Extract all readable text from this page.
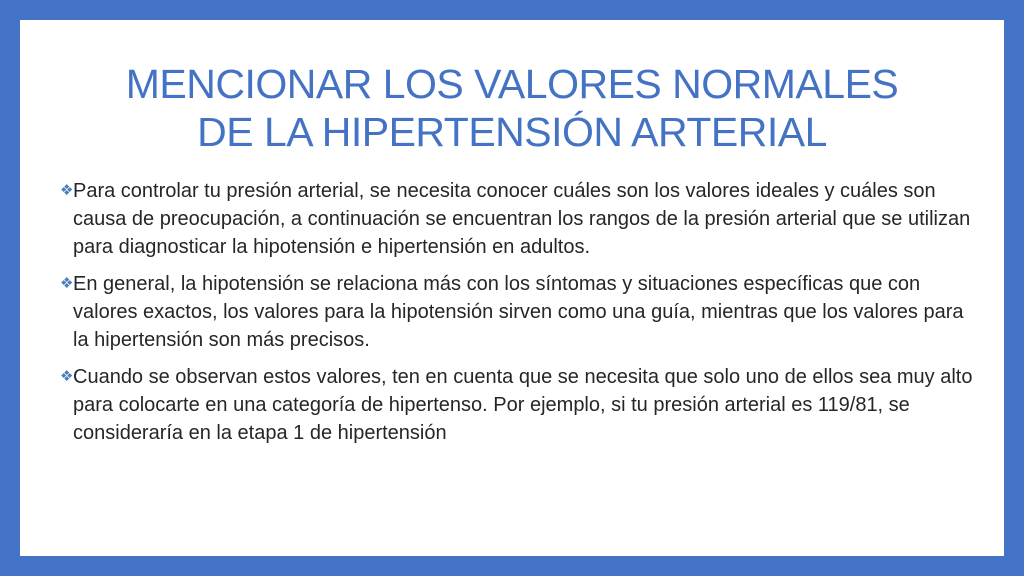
MENCIONAR LOS VALORES NORMALES
DE LA HIPERTENSIÓN ARTERIAL
❖ Para controlar tu presión arterial, se necesita conocer cuáles son los valores ideales y cuáles son causa de preocupación, a continuación se encuentran los rangos de la presión arterial que se utilizan para diagnosticar la hipotensión e hipertensión en adultos.
❖ En general, la hipotensión se relaciona más con los síntomas y situaciones específicas que con valores exactos, los valores para la hipotensión sirven como una guía, mientras que los valores para la hipertensión son más precisos.
❖ Cuando se observan estos valores, ten en cuenta que se necesita que solo uno de ellos sea muy alto para colocarte en una categoría de hipertenso. Por ejemplo, si tu presión arterial es 119/81, se consideraría en la etapa 1 de hipertensión
